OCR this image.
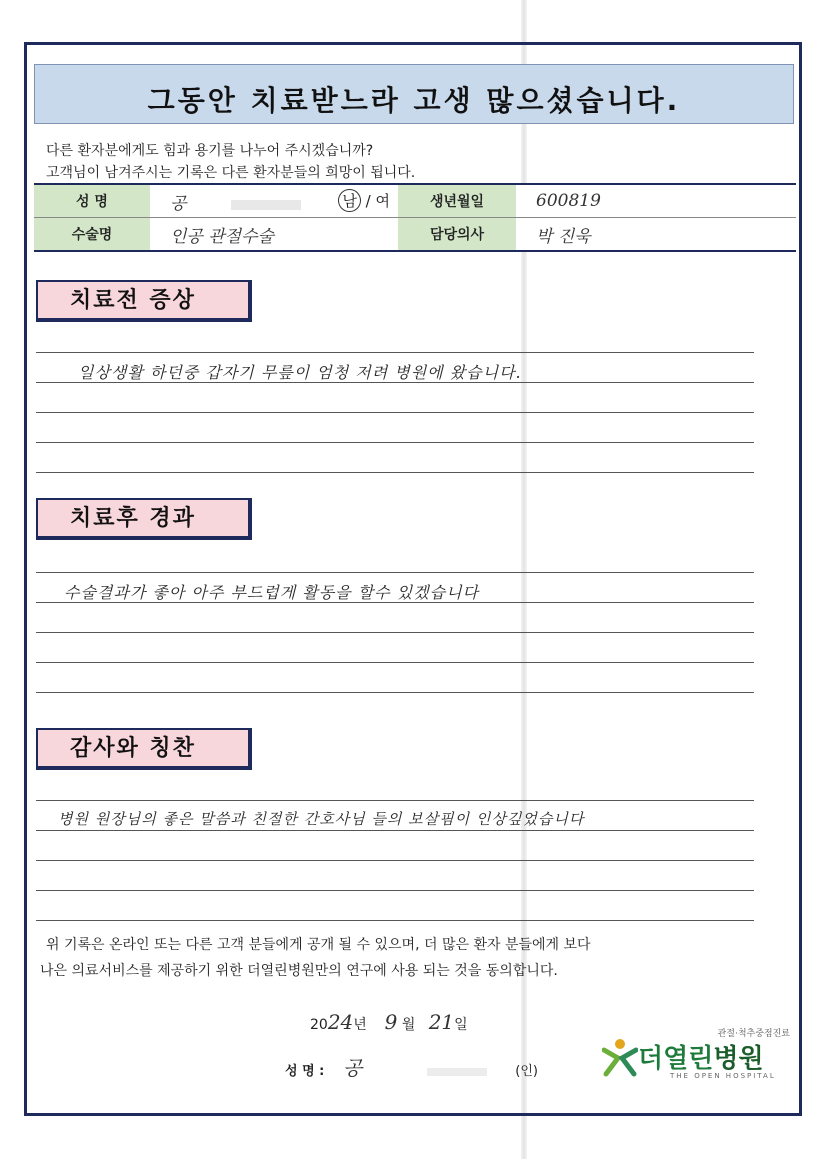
그동안 치료받느라 고생 많으셨습니다.
다른 환자분에게도 힘과 용기를 나누어 주시겠습니까?
고객님이 남겨주시는 기록은 다른 환자분들의 희망이 됩니다.
성 명	공 남 / 여	생년월일	600819
수술명	인공 관절수술	담당의사	박 진욱
치료전 증상
일상생활 하던중 갑자기 무릎이 엄청 저려 병원에 왔습니다.
치료후 경과
수술결과가 좋아 아주 부드럽게 활동을 할수 있겠습니다
감사와 칭찬
병원 원장님의 좋은 말씀과 친절한 간호사님 들의 보살핌이 인상깊었습니다
위 기록은 온라인 또는 다른 고객 분들에게 공개 될 수 있으며, 더 많은 환자 분들에게 보다
나은 의료서비스를 제공하기 위한 더열린병원만의 연구에 사용 되는 것을 동의합니다.
2024년 9 월 21일
성 명 : 공	(인)
관절·척추중점진료
더열린병원
THE OPEN HOSPITAL
